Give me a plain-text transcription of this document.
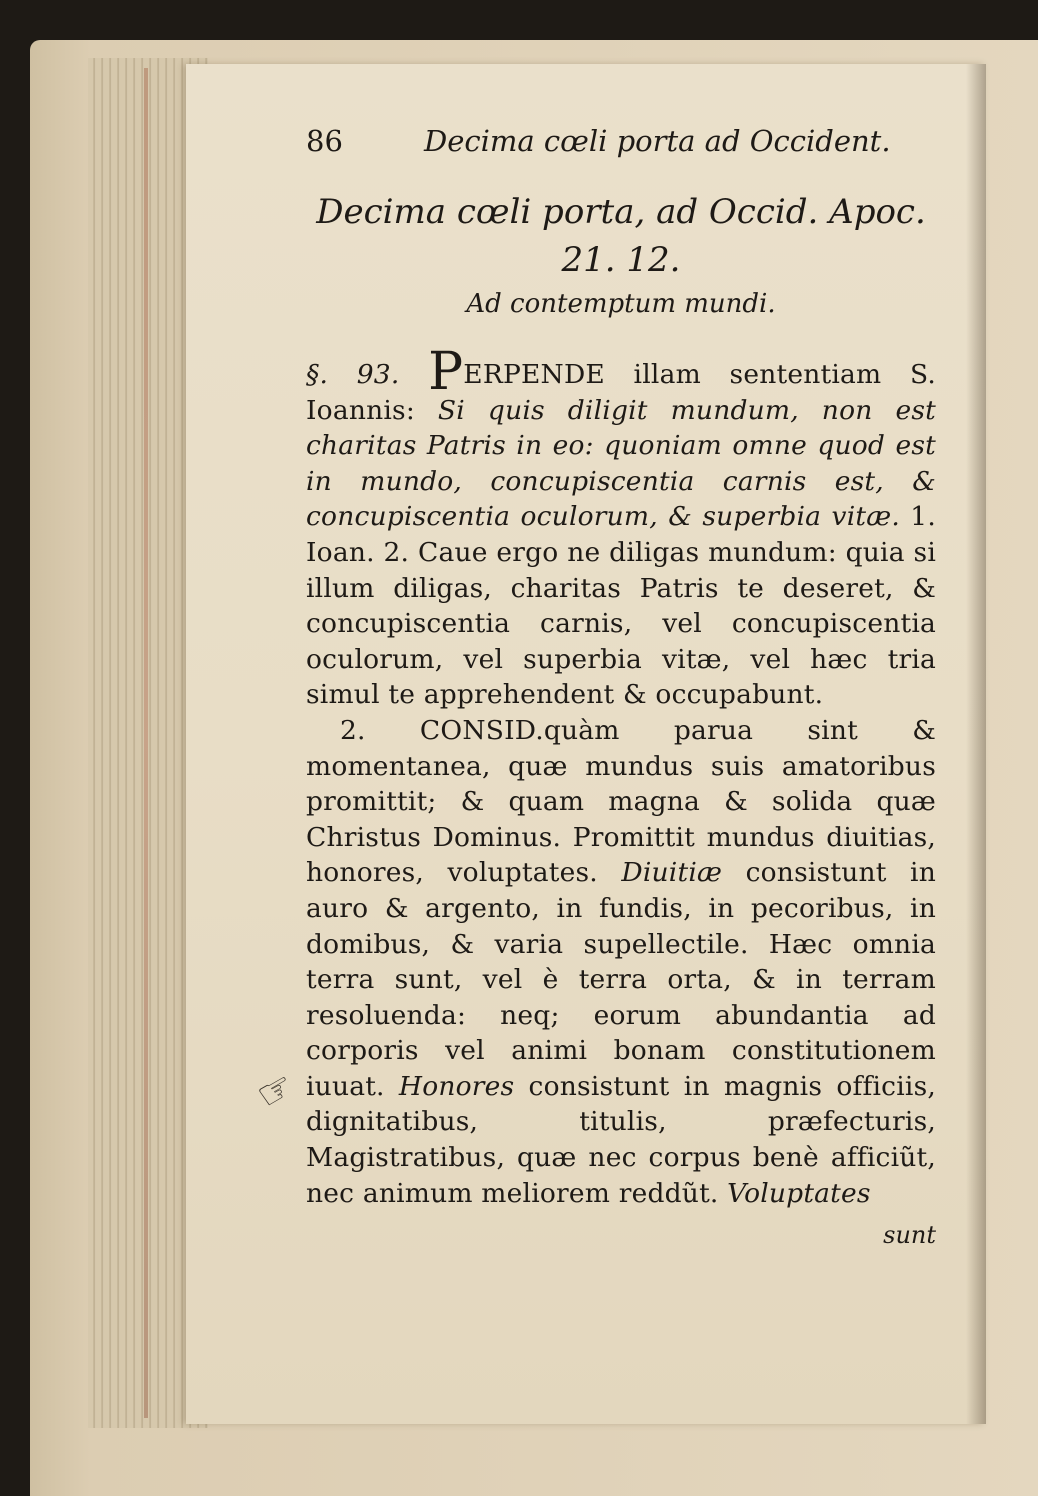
86	Decima cœli porta ad Occident.
Decima cœli porta, ad Occid. Apoc. 21. 12.
Ad contemptum mundi.
§. 93. PERPENDE illam sententiam S. Ioannis: Si quis diligit mundum, non est charitas Patris in eo: quoniam omne quod est in mundo, concupiscentia carnis est, & concupiscentia oculorum, & superbia vitæ. 1. Ioan. 2. Caue ergo ne diligas mundum: quia si illum diligas, charitas Patris te deseret, & concupiscentia carnis, vel concupiscentia oculorum, vel superbia vitæ, vel hæc tria simul te apprehendent & occupabunt.
2. CONSID.quàm parua sint & momentanea, quæ mundus suis amatoribus promittit; & quam magna & solida quæ Christus Dominus. Promittit mundus diuitias, honores, voluptates. Diuitiæ consistunt in auro & argento, in fundis, in pecoribus, in domibus, & varia supellectile. Hæc omnia terra sunt, vel è terra orta, & in terram resoluenda: neq; eorum abundantia ad corporis vel animi bonam constitutionem iuuat. Honores consistunt in magnis officiis, dignitatibus, titulis, præfecturis, Magistratibus, quæ nec corpus benè afficiũt, nec animum meliorem reddũt. Voluptates
sunt
☞
